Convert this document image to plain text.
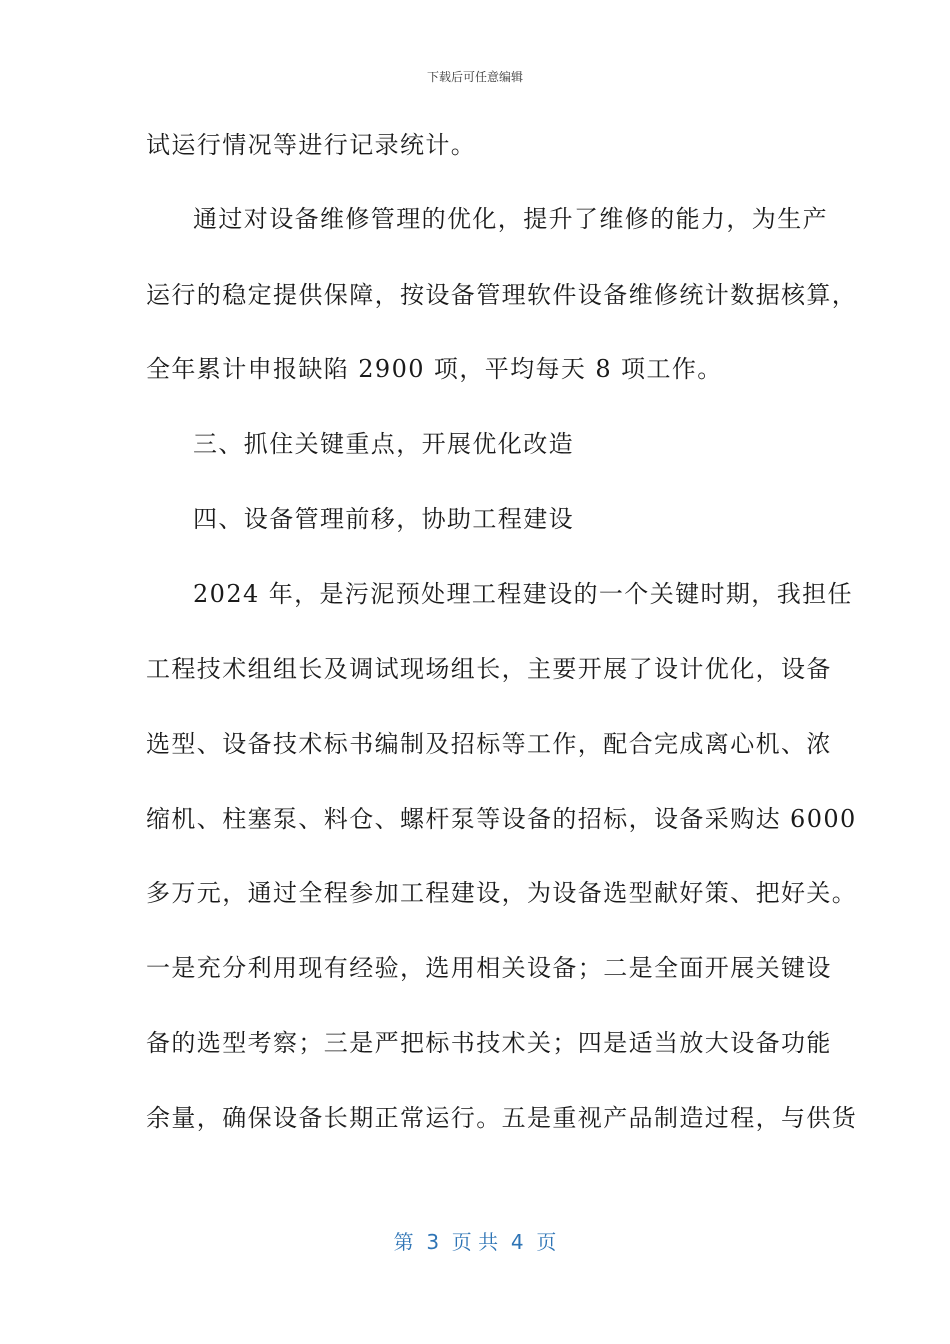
下载后可任意编辑
试运行情况等进行记录统计。
通过对设备维修管理的优化，提升了维修的能力，为生产
运行的稳定提供保障，按设备管理软件设备维修统计数据核算，
全年累计申报缺陷 2900 项，平均每天 8 项工作。
三、抓住关键重点，开展优化改造
四、设备管理前移，协助工程建设
2024 年，是污泥预处理工程建设的一个关键时期，我担任
工程技术组组长及调试现场组长，主要开展了设计优化，设备
选型、设备技术标书编制及招标等工作，配合完成离心机、浓
缩机、柱塞泵、料仓、螺杆泵等设备的招标，设备采购达 6000
多万元，通过全程参加工程建设，为设备选型献好策、把好关。
一是充分利用现有经验，选用相关设备；二是全面开展关键设
备的选型考察；三是严把标书技术关；四是适当放大设备功能
余量，确保设备长期正常运行。五是重视产品制造过程，与供货
第  3  页 共  4  页
